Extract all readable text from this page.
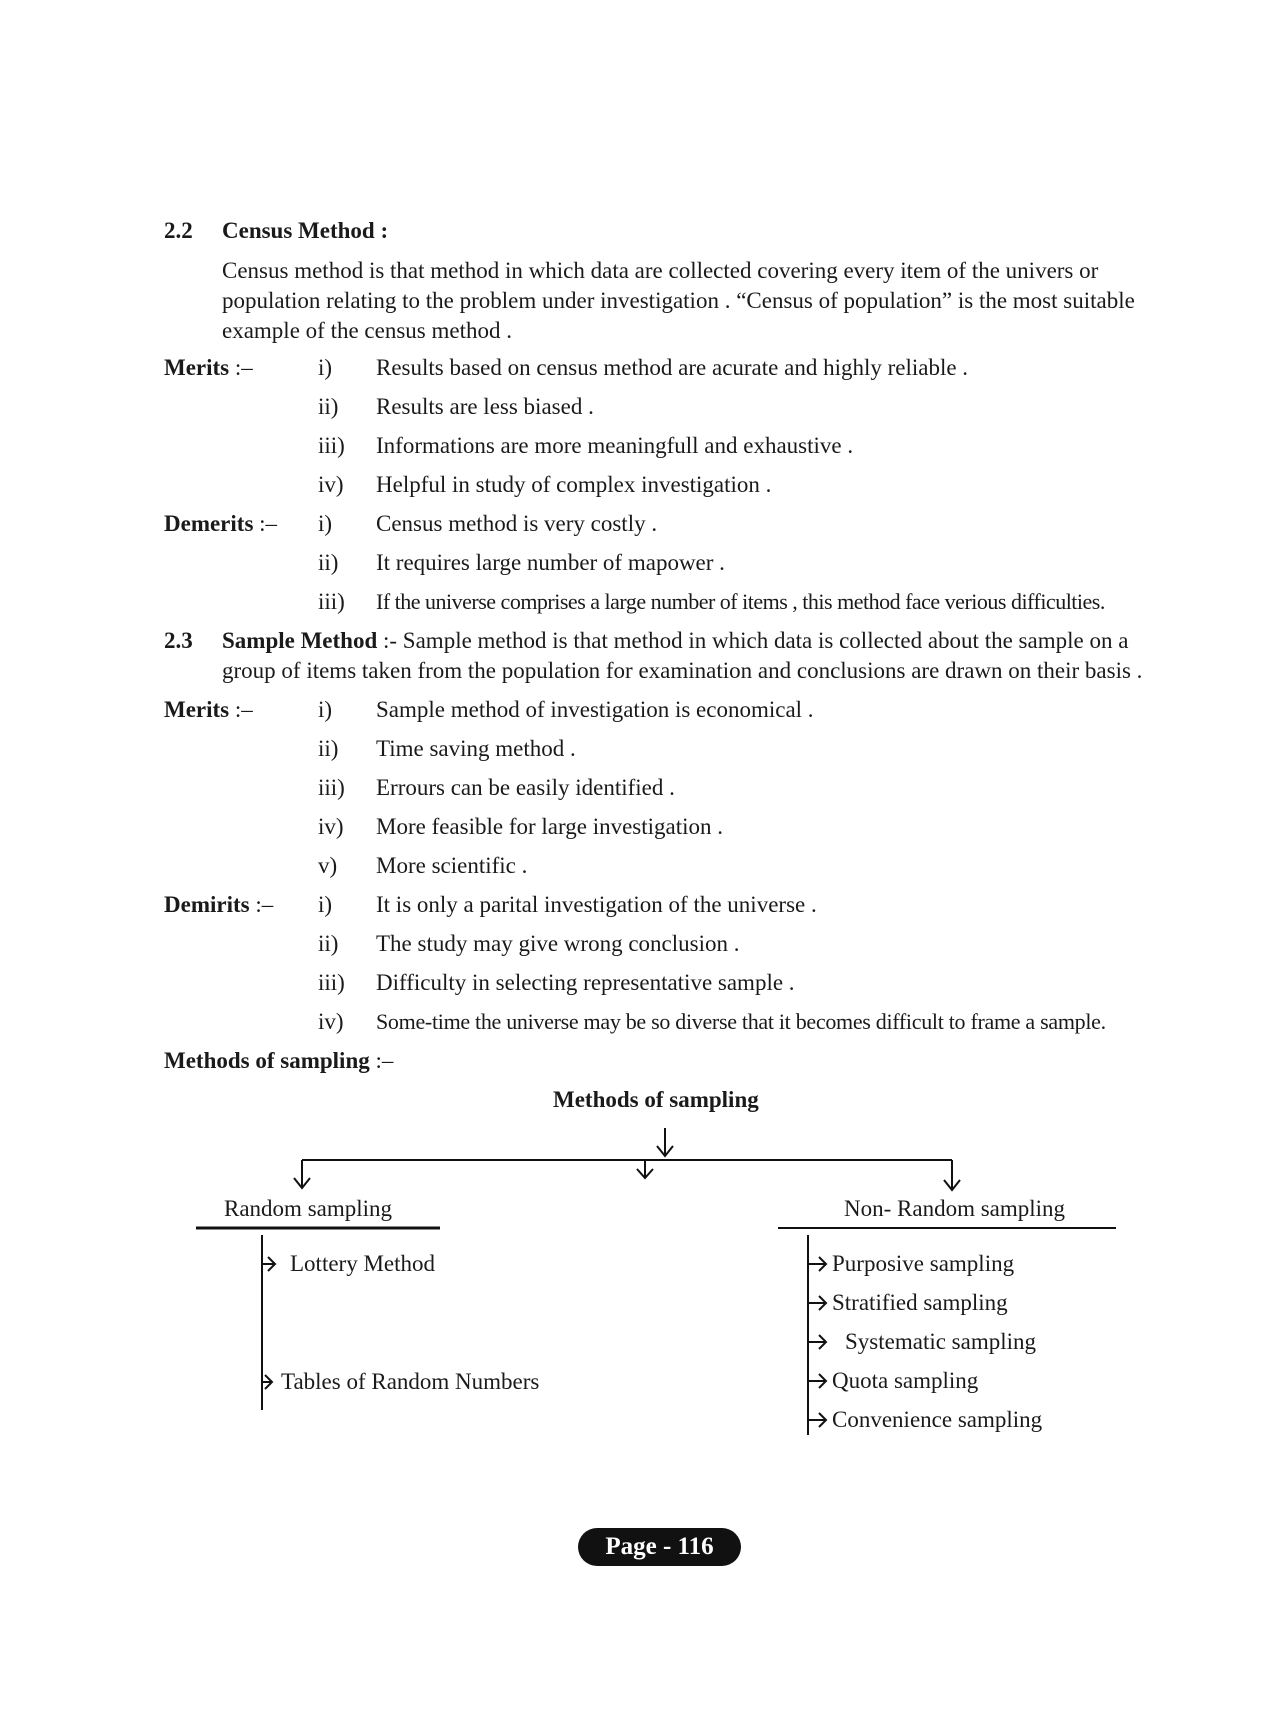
2.2 Census Method :
Census method is that method in which data are collected covering every item of the univers or population relating to the problem under investigation . “Census of population” is the most suitable example of the census method .
Merits :–	i) Results based on census method are acurate and highly reliable .
ii) Results are less biased .
iii) Informations are more meaningfull and exhaustive .
iv) Helpful in study of complex investigation .
Demerits :– i) Census method is very costly .
ii) It requires large number of mapower .
iii) If the universe comprises a large number of items , this method face verious difficulties.
2.3 Sample Method :- Sample method is that method in which data is collected about the sample on a
group of items taken from the population for examination and conclusions are drawn on their basis .
Merits :–	i) Sample method of investigation is economical .
ii) Time saving method .
iii) Errours can be easily identified .
iv) More feasible for large investigation .
v) More scientific .
Demirits :– i) It is only a parital investigation of the universe .
ii) The study may give wrong conclusion .
iii) Difficulty in selecting representative sample .
iv) Some-time the universe may be so diverse that it becomes difficult to frame a sample.
Methods of sampling :–
Methods of sampling
Random sampling	Non- Random sampling
Lottery Method
Tables of Random Numbers
Purposive sampling
Stratified sampling
Systematic sampling
Quota sampling
Convenience sampling
Page - 116
